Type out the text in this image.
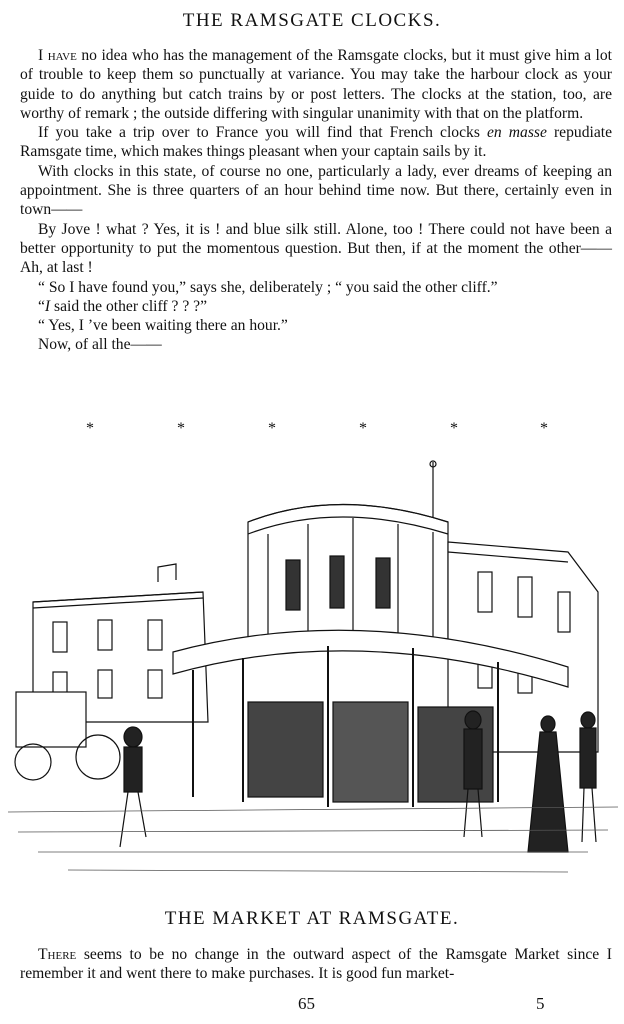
THE RAMSGATE CLOCKS.

I have no idea who has the management of the Ramsgate clocks, but it must give him a lot of trouble to keep them so punctually at variance. You may take the harbour clock as your guide to do anything but catch trains by or post letters. The clocks at the station, too, are worthy of remark ; the outside differing with singular unanimity with that on the platform.

If you take a trip over to France you will find that French clocks en masse repudiate Ramsgate time, which makes things pleasant when your captain sails by it.

With clocks in this state, of course no one, particularly a lady, ever dreams of keeping an appointment. She is three quarters of an hour behind time now. But there, certainly even in town——

By Jove ! what ? Yes, it is ! and blue silk still. Alone, too ! There could not have been a better opportunity to put the momentous question. But then, if at the moment the other——Ah, at last !

“ So I have found you,” says she, deliberately ; “ you said the other cliff.”

“I said the other cliff ? ? ?”

“ Yes, I ’ve been waiting there an hour.”

Now, of all the——

*	*	*	*	*	*
THE MARKET AT RAMSGATE.

There seems to be no change in the outward aspect of the Ramsgate Market since I remember it and went there to make purchases. It is good fun market-

65	5
